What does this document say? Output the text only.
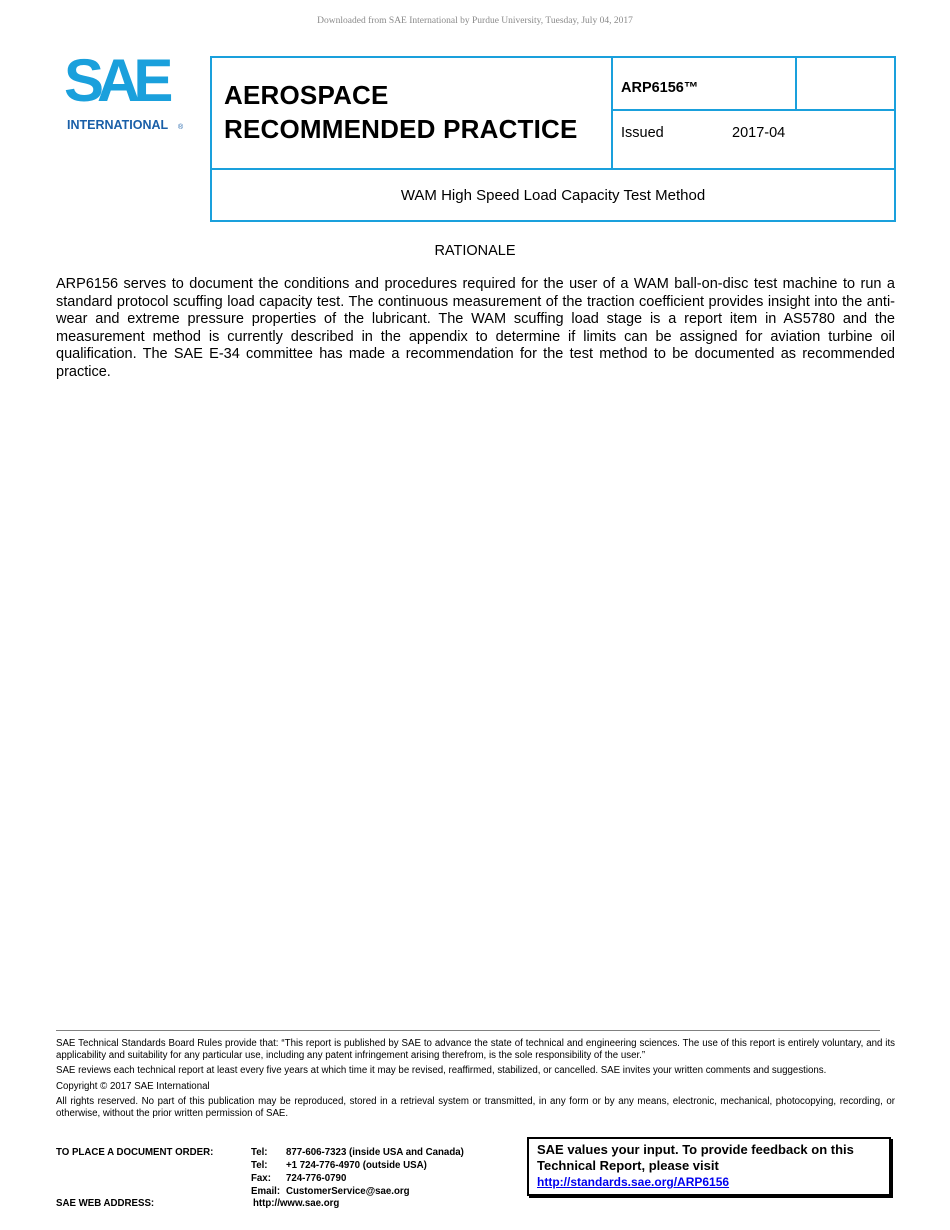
Downloaded from SAE International by Purdue University, Tuesday, July 04, 2017
SAE
INTERNATIONAL ®
AEROSPACE
RECOMMENDED PRACTICE
ARP6156™
Issued	2017-04
WAM High Speed Load Capacity Test Method
RATIONALE

ARP6156 serves to document the conditions and procedures required for the user of a WAM ball-on-disc test machine to run a standard protocol scuffing load capacity test. The continuous measurement of the traction coefficient provides insight into the anti-wear and extreme pressure properties of the lubricant. The WAM scuffing load stage is a report item in AS5780 and the measurement method is currently described in the appendix to determine if limits can be assigned for aviation turbine oil qualification. The SAE E-34 committee has made a recommendation for the test method to be documented as recommended practice.

SAE Technical Standards Board Rules provide that: “This report is published by SAE to advance the state of technical and engineering sciences. The use of this report is entirely voluntary, and its applicability and suitability for any particular use, including any patent infringement arising therefrom, is the sole responsibility of the user.”

SAE reviews each technical report at least every five years at which time it may be revised, reaffirmed, stabilized, or cancelled. SAE invites your written comments and suggestions.

Copyright © 2017 SAE International

All rights reserved. No part of this publication may be reproduced, stored in a retrieval system or transmitted, in any form or by any means, electronic, mechanical, photocopying, recording, or otherwise, without the prior written permission of SAE.

TO PLACE A DOCUMENT ORDER:	Tel: 877-606-7323 (inside USA and Canada)
Tel: +1 724-776-4970 (outside USA)
Fax: 724-776-0790
Email: CustomerService@sae.org
SAE WEB ADDRESS:	http://www.sae.org
SAE values your input. To provide feedback on this Technical Report, please visit
http://standards.sae.org/ARP6156
